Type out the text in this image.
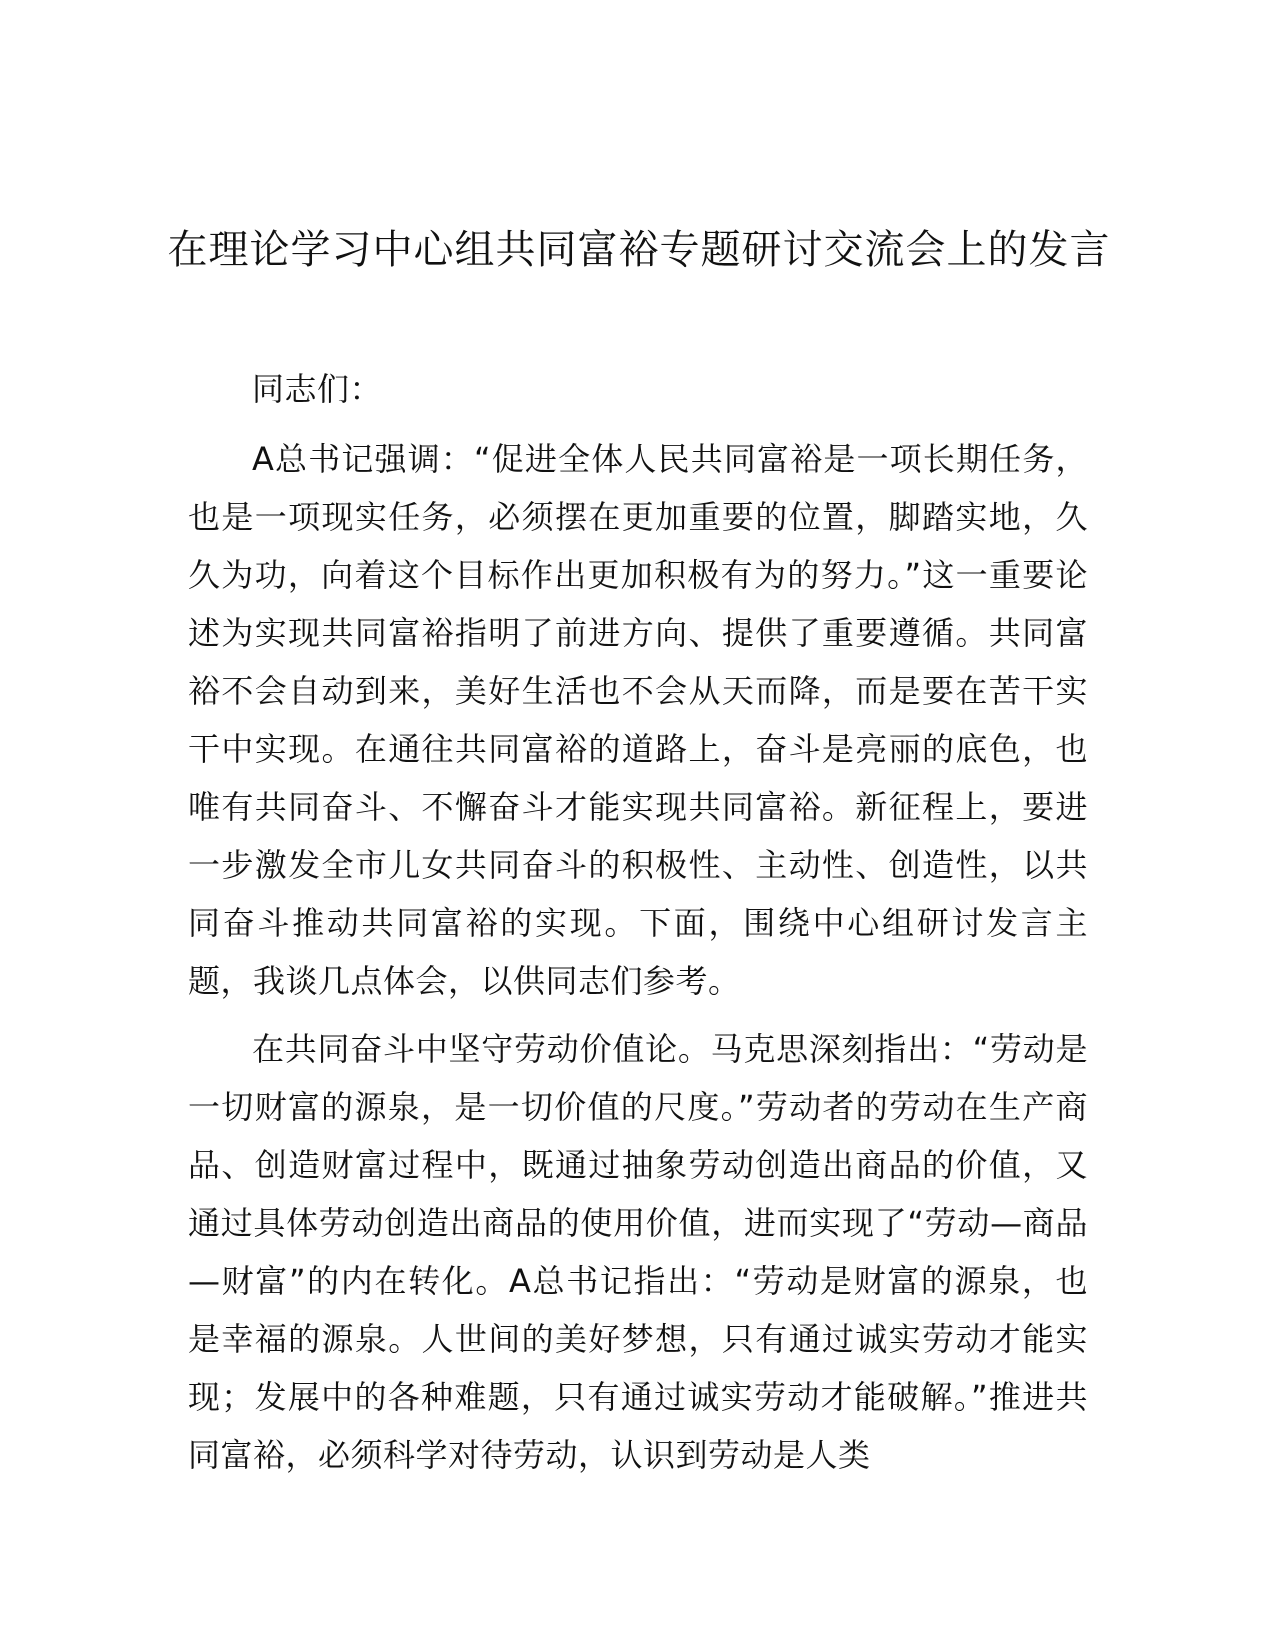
在理论学习中心组共同富裕专题研讨交流会上的发言

同志们：

A总书记强调：“促进全体人民共同富裕是一项长期任务，也是一项现实任务，必须摆在更加重要的位置，脚踏实地，久久为功，向着这个目标作出更加积极有为的努力。”这一重要论述为实现共同富裕指明了前进方向、提供了重要遵循。共同富裕不会自动到来，美好生活也不会从天而降，而是要在苦干实干中实现。在通往共同富裕的道路上，奋斗是亮丽的底色，也唯有共同奋斗、不懈奋斗才能实现共同富裕。新征程上，要进一步激发全市儿女共同奋斗的积极性、主动性、创造性，以共同奋斗推动共同富裕的实现。下面，围绕中心组研讨发言主题，我谈几点体会，以供同志们参考。

在共同奋斗中坚守劳动价值论。马克思深刻指出：“劳动是一切财富的源泉，是一切价值的尺度。”劳动者的劳动在生产商品、创造财富过程中，既通过抽象劳动创造出商品的价值，又通过具体劳动创造出商品的使用价值，进而实现了“劳动—商品—财富”的内在转化。A总书记指出：“劳动是财富的源泉，也是幸福的源泉。人世间的美好梦想，只有通过诚实劳动才能实现；发展中的各种难题，只有通过诚实劳动才能破解。”推进共同富裕，必须科学对待劳动，认识到劳动是人类
